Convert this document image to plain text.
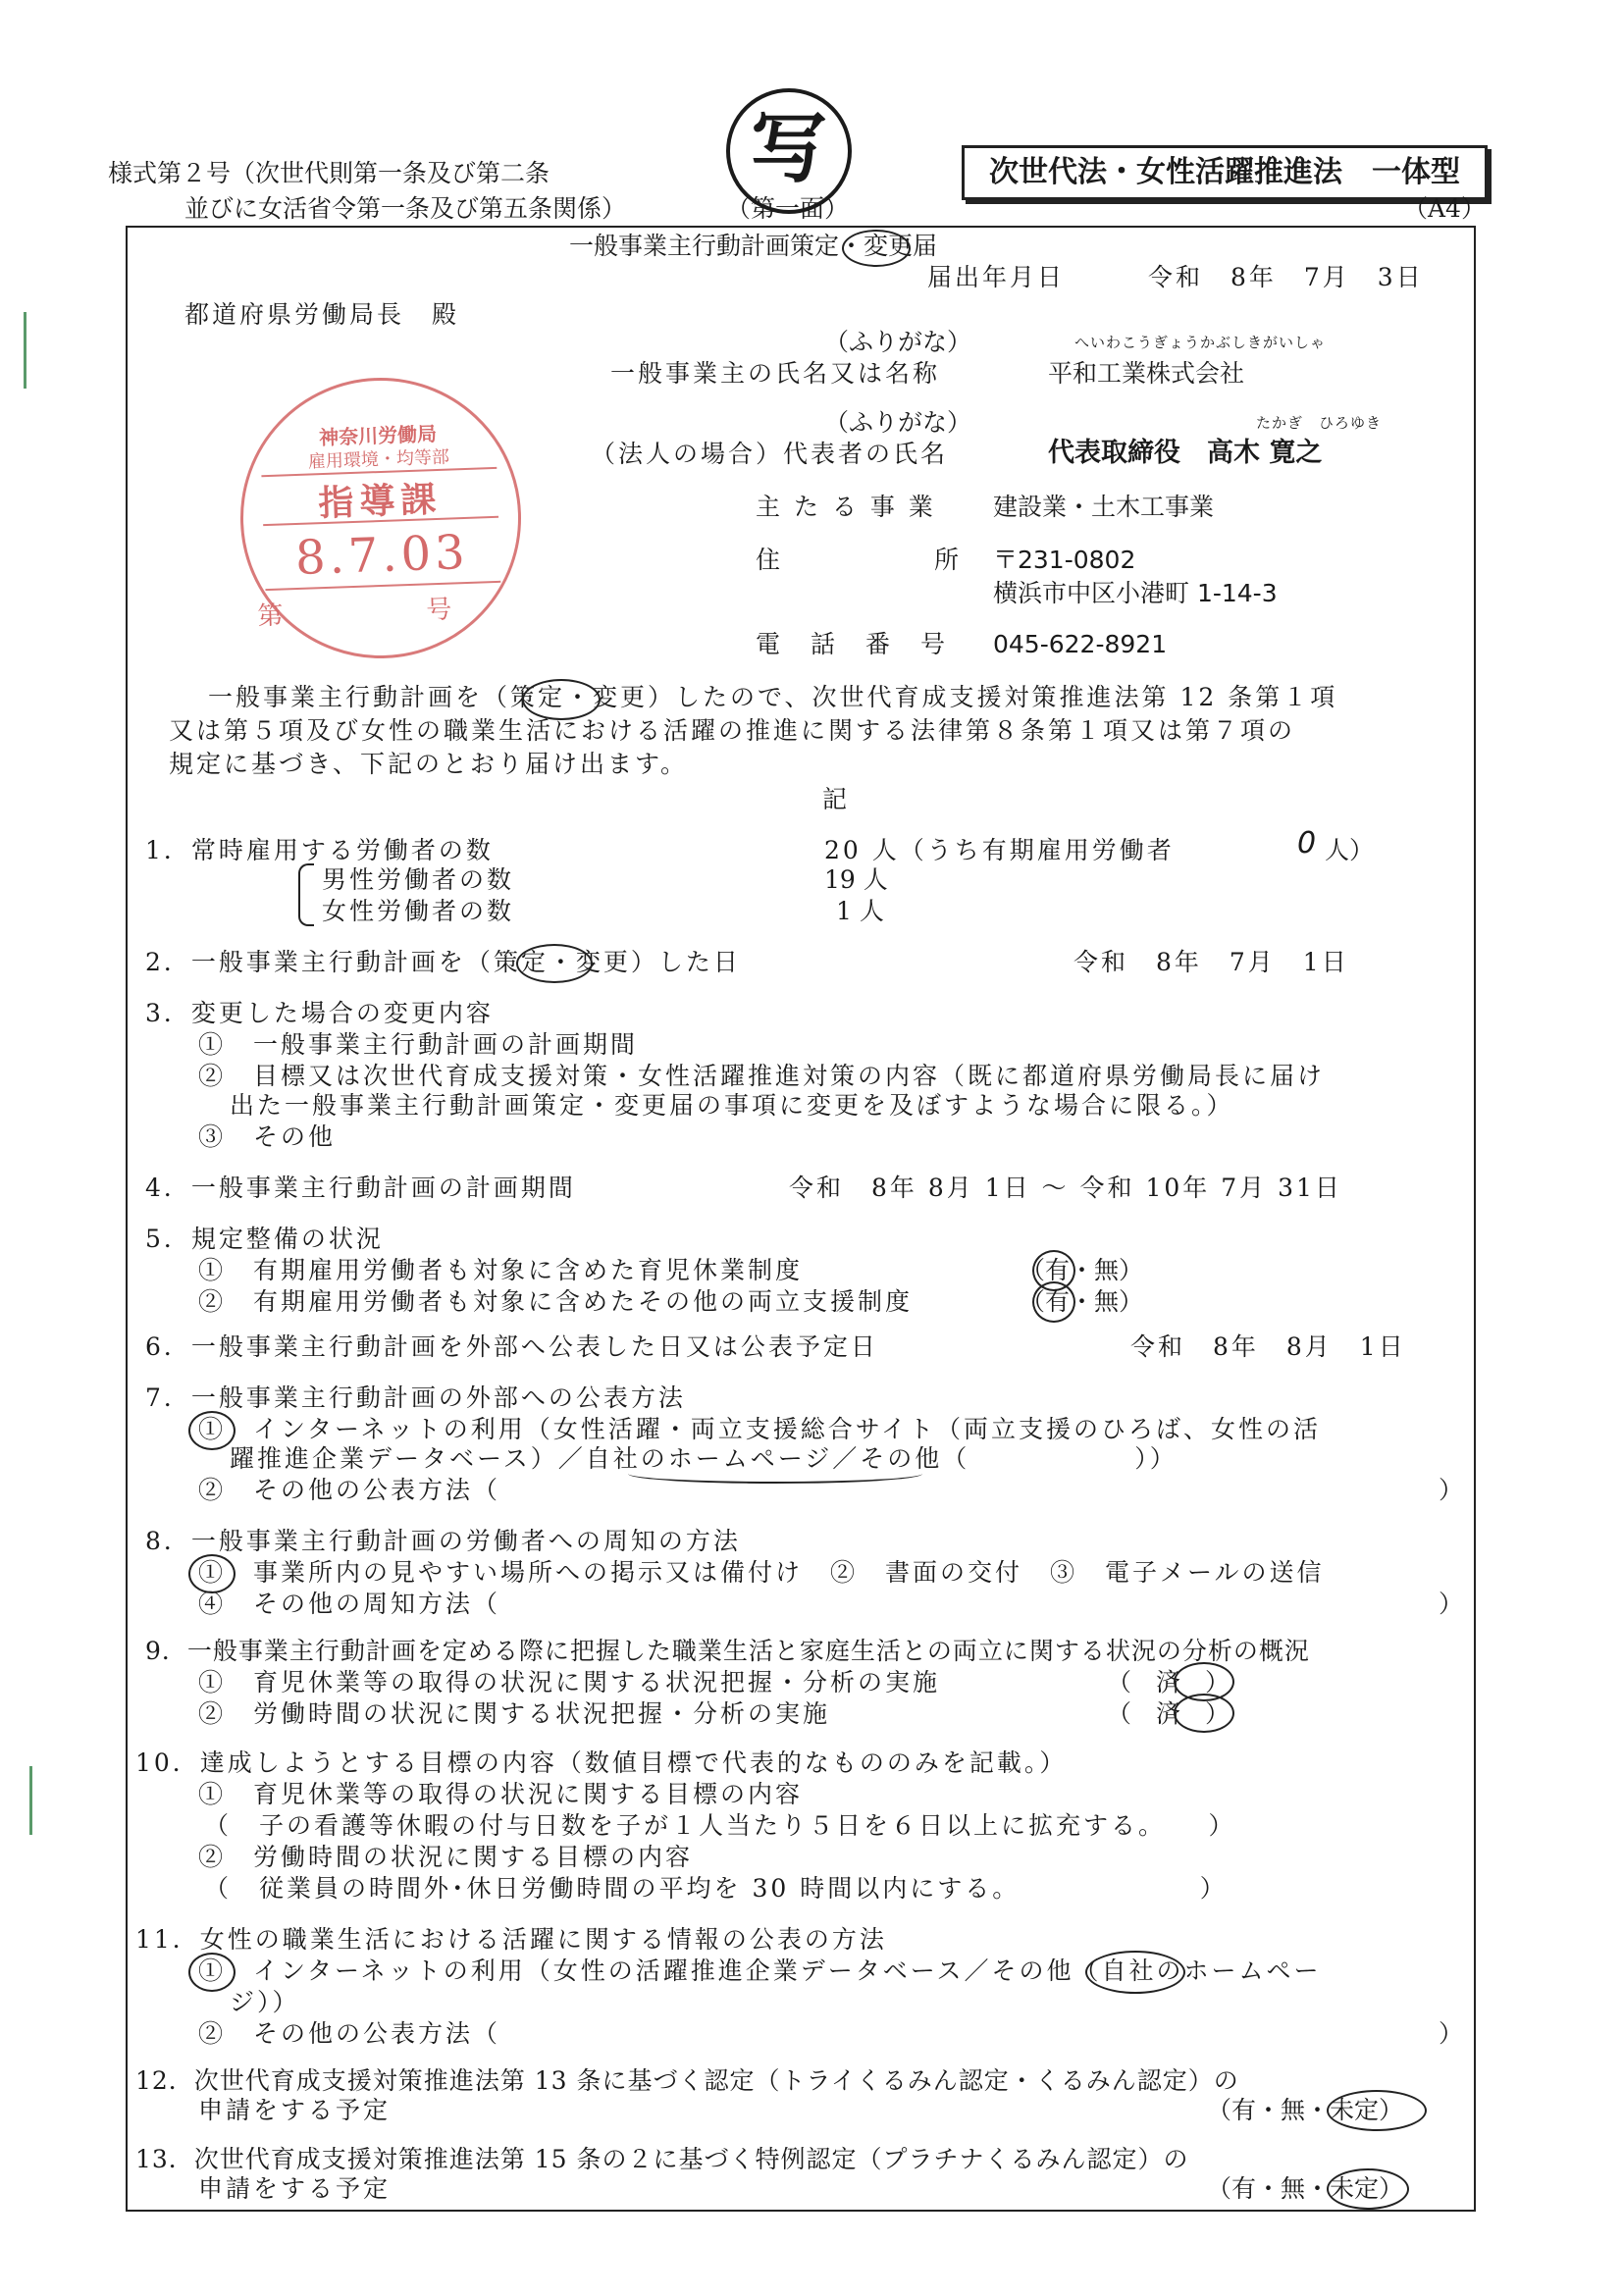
様式第２号（次世代則第一条及び第二条
並びに女活省令第一条及び第五条関係）	（第一面）
写	次世代法・女性活躍推進法　一体型
（A4）
一般事業主行動計画策定・変更届
届出年月日	令和　8年　7月　3日
都道府県労働局長　殿
神奈川労働局
雇用環境・均等部
指導課
8.7.03
第　号
（ふりがな）	へいわこうぎょうかぶしきがいしゃ
一般事業主の氏名又は名称	平和工業株式会社
（ふりがな）	たかぎ　ひろゆき
（法人の場合）代表者の氏名	代表取締役　高木 寛之
主 た る 事 業 建設業・土木工事業
住	所 〒231-0802
横浜市中区小港町 1-14-3
電　話　番　号 045-622-8921
一般事業主行動計画を（策定・変更）したので、次世代育成支援対策推進法第 12 条第１項
又は第５項及び女性の職業生活における活躍の推進に関する法律第８条第１項又は第７項の
規定に基づき、下記のとおり届け出ます。
記
1．常時雇用する労働者の数	20 人（うち有期雇用労働者	0 人）
男性労働者の数	19 人
女性労働者の数	1 人
2．一般事業主行動計画を（策定・変更）した日	令和　8年　7月　1日
3．変更した場合の変更内容
①　一般事業主行動計画の計画期間
②　目標又は次世代育成支援対策・女性活躍推進対策の内容（既に都道府県労働局長に届け
出た一般事業主行動計画策定・変更届の事項に変更を及ぼすような場合に限る。）
③　その他
4．一般事業主行動計画の計画期間	令和　8年 8月 1日 ～ 令和 10年 7月 31日
5．規定整備の状況
①　有期雇用労働者も対象に含めた育児休業制度	（有・無）
②　有期雇用労働者も対象に含めたその他の両立支援制度	（有・無）
6．一般事業主行動計画を外部へ公表した日又は公表予定日	令和　8年　8月　1日
7．一般事業主行動計画の外部への公表方法
①　インターネットの利用（女性活躍・両立支援総合サイト（両立支援のひろば、女性の活
躍推進企業データベース）／自社のホームページ／その他（　　　　　　））
②　その他の公表方法（	）
8．一般事業主行動計画の労働者への周知の方法
①　事業所内の見やすい場所への掲示又は備付け　②　書面の交付　③　電子メールの送信
④　その他の周知方法（	）
9．一般事業主行動計画を定める際に把握した職業生活と家庭生活との両立に関する状況の分析の概況
①　育児休業等の取得の状況に関する状況把握・分析の実施	（　済　）
②　労働時間の状況に関する状況把握・分析の実施	（　済　）
10．達成しようとする目標の内容（数値目標で代表的なもののみを記載。）
①　育児休業等の取得の状況に関する目標の内容
（　子の看護等休暇の付与日数を子が１人当たり５日を６日以上に拡充する。　　）
②　労働時間の状況に関する目標の内容
（　従業員の時間外･休日労働時間の平均を 30 時間以内にする。　　　　　　　）
11．女性の職業生活における活躍に関する情報の公表の方法
①　インターネットの利用（女性の活躍推進企業データベース／その他（自社のホームペー
ジ））
②　その他の公表方法（	）
12．次世代育成支援対策推進法第 13 条に基づく認定（トライくるみん認定・くるみん認定）の
申請をする予定	（有・無・未定）
13．次世代育成支援対策推進法第 15 条の２に基づく特例認定（プラチナくるみん認定）の
申請をする予定	（有・無・未定）
